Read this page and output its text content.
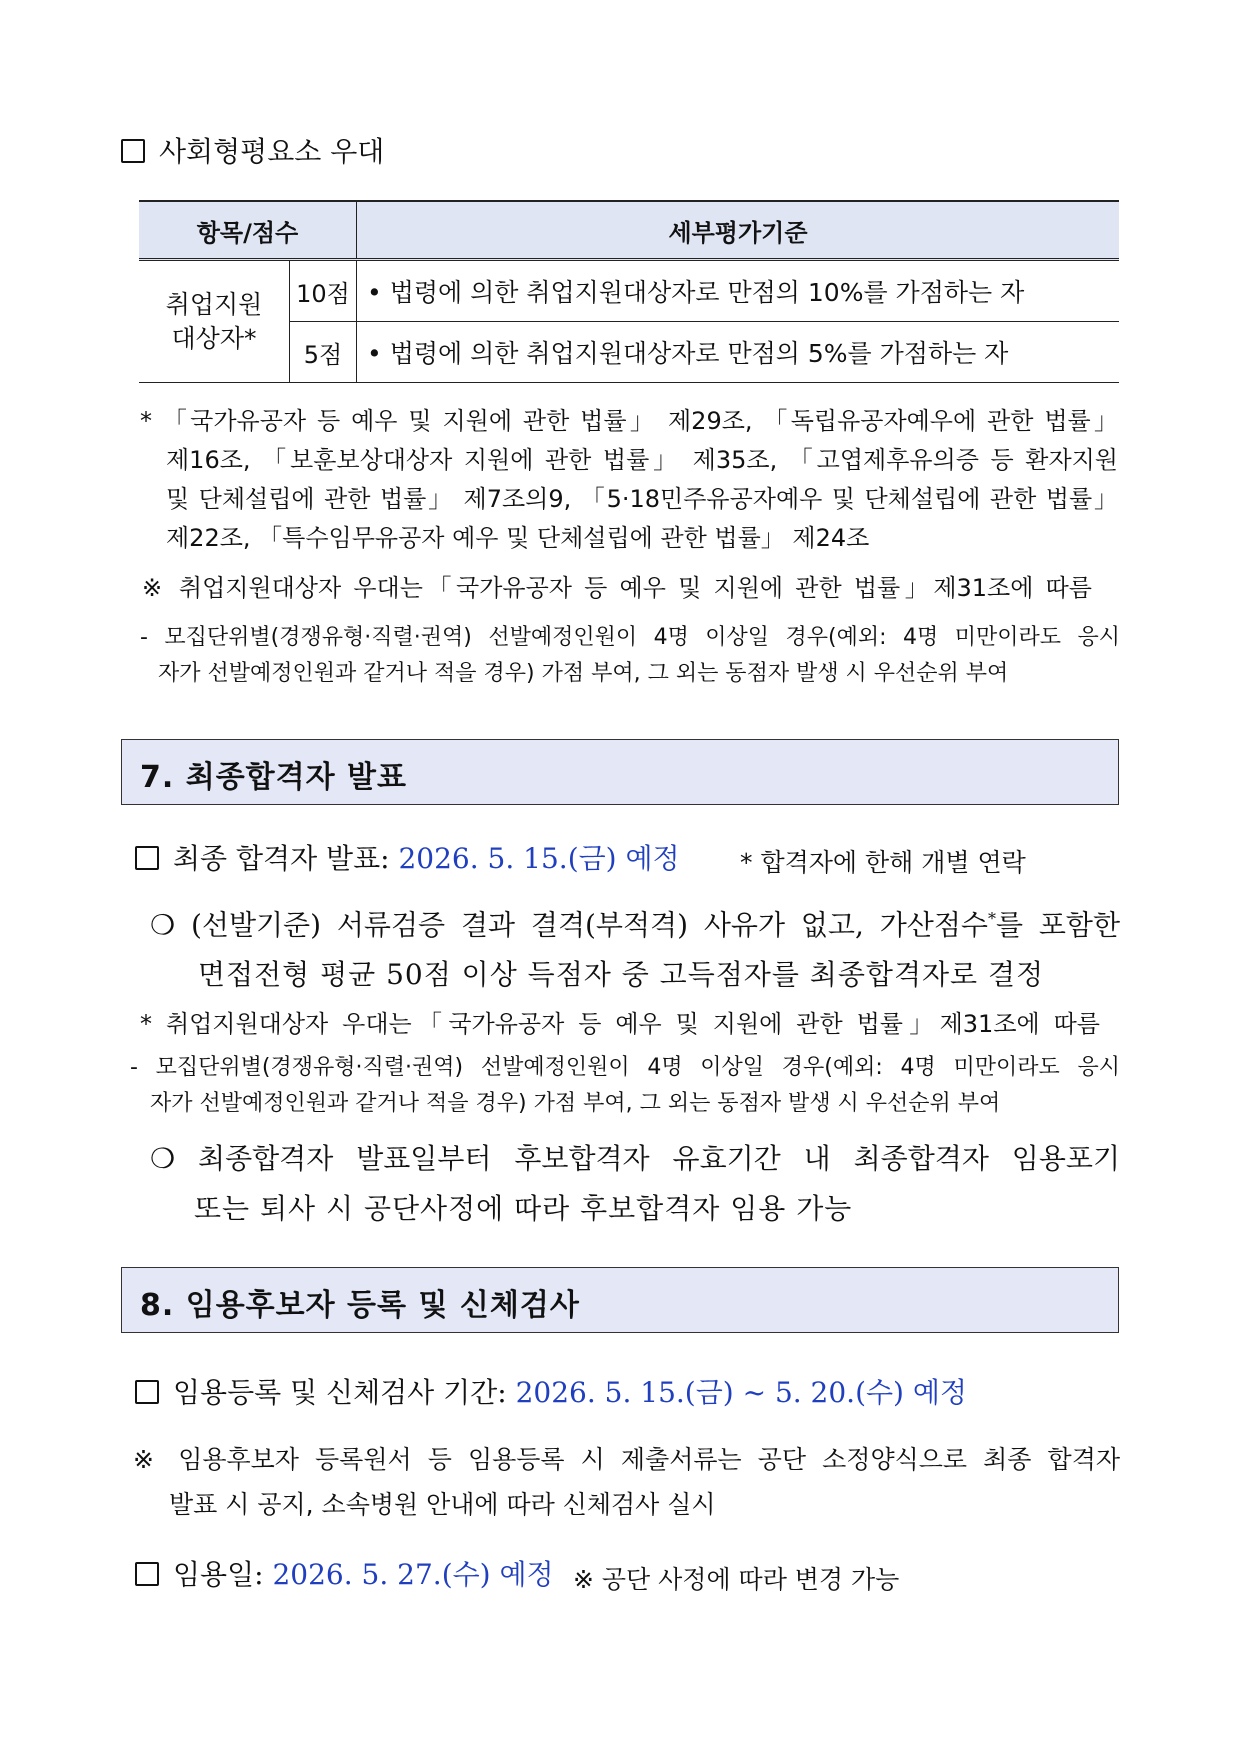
사회형평요소 우대
항목/점수		세부평가기준

취업지원
대상자*	10점	• 법령에 의한 취업지원대상자로 만점의 10%를 가점하는 자
	5점	• 법령에 의한 취업지원대상자로 만점의 5%를 가점하는 자
* 「국가유공자 등 예우 및 지원에 관한 법률」 제29조, 「독립유공자예우에 관한 법률」
제16조, 「보훈보상대상자 지원에 관한 법률」 제35조, 「고엽제후유의증 등 환자지원
및 단체설립에 관한 법률」 제7조의9, 「5·18민주유공자예우 및 단체설립에 관한 법률」
제22조, 「특수임무유공자 예우 및 단체설립에 관한 법률」 제24조
※ 취업지원대상자 우대는「국가유공자 등 예우 및 지원에 관한 법률」제31조에 따름
- 모집단위별(경쟁유형·직렬·권역) 선발예정인원이 4명 이상일 경우(예외: 4명 미만이라도 응시
자가 선발예정인원과 같거나 적을 경우) 가점 부여, 그 외는 동점자 발생 시 우선순위 부여
7. 최종합격자 발표
최종 합격자 발표: 2026. 5. 15.(금) 예정 * 합격자에 한해 개별 연락
❍ (선발기준) 서류검증 결과 결격(부적격) 사유가 없고, 가산점수*를 포함한
면접전형 평균 50점 이상 득점자 중 고득점자를 최종합격자로 결정
* 취업지원대상자 우대는「국가유공자 등 예우 및 지원에 관한 법률」제31조에 따름
- 모집단위별(경쟁유형·직렬·권역) 선발예정인원이 4명 이상일 경우(예외: 4명 미만이라도 응시
자가 선발예정인원과 같거나 적을 경우) 가점 부여, 그 외는 동점자 발생 시 우선순위 부여
❍ 최종합격자 발표일부터 후보합격자 유효기간 내 최종합격자 임용포기
또는 퇴사 시 공단사정에 따라 후보합격자 임용 가능
8. 임용후보자 등록 및 신체검사
임용등록 및 신체검사 기간: 2026. 5. 15.(금) ~ 5. 20.(수) 예정
※ 임용후보자 등록원서 등 임용등록 시 제출서류는 공단 소정양식으로 최종 합격자
발표 시 공지, 소속병원 안내에 따라 신체검사 실시
임용일: 2026. 5. 27.(수) 예정 ※ 공단 사정에 따라 변경 가능
